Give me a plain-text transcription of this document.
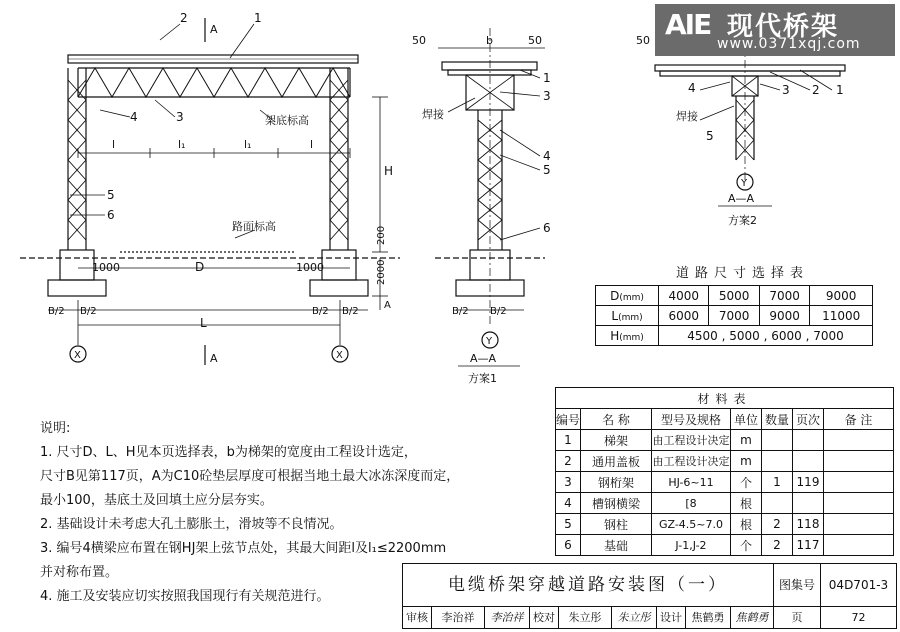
A
A
2	1
4	3
5
6
架底标高
路面标高
l	l₁	l₁	l
1000	D	1000
L
H
200
2000
A
B/2 B/2	B/2 B/2
X	X
50	b	50
1
3
4
5
6
焊接
B/2 B/2
Y
A—A
方案1
50
4
焊接
5
3 2 1
Y
A—A
方案2
AIE 现代桥架
www.0371xqj.com
道路尺寸选择表
D(mm)	4000	5000	7000	9000
L(mm)	6000	7000	9000	11000
H(mm)	4500 , 5000 , 6000 , 7000			
材料表						
编号	名 称	型号及规格	单位	数量	页次	备 注
1	梯架	由工程设计决定	m			
2	通用盖板	由工程设计决定	m			
3	钢桁架	HJ-6~11	个	1	119	
4	槽钢横梁	[8	根			
5	钢柱	GZ-4.5~7.0	根	2	118	
6	基础	J-1,J-2	个	2	117	
说明:
1. 尺寸D、L、H见本页选择表，b为梯架的宽度由工程设计选定，
尺寸B见第117页，A为C10砼垫层厚度可根据当地土最大冰冻深度而定，
最小100，基底土及回填土应分层夯实。
2. 基础设计未考虑大孔土膨胀土，滑坡等不良情况。
3. 编号4横梁应布置在钢HJ架上弦节点处，其最大间距l及l₁≤2200mm
并对称布置。
4. 施工及安装应切实按照我国现行有关规范进行。
电缆桥架穿越道路安装图（一）	图集号	04D701-3
审核	李治祥	李治祥 校对	朱立彤	朱立彤 设计 焦鹤勇	焦鹤勇	页	72
